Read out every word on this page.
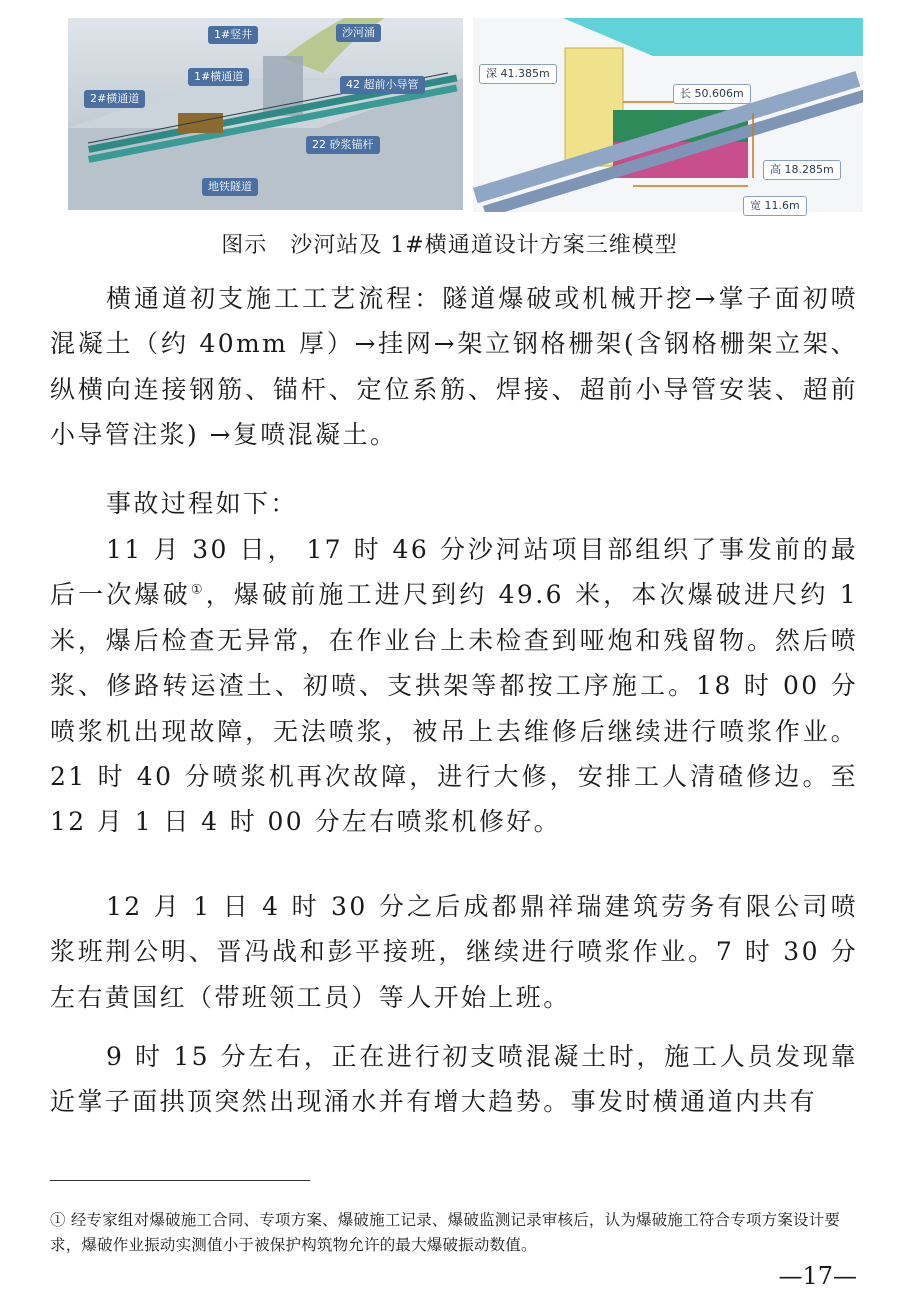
1#竖井	沙河涌
1#横通道
42 超前小导管
2#横通道
22 砂浆锚杆
地铁隧道
深 41.385m
长 50.606m
高 18.285m
宽 11.6m
图示　沙河站及 1#横通道设计方案三维模型

横通道初支施工工艺流程：隧道爆破或机械开挖→掌子面初喷混凝土（约 40mm 厚）→挂网→架立钢格栅架(含钢格栅架立架、纵横向连接钢筋、锚杆、定位系筋、焊接、超前小导管安装、超前小导管注浆) →复喷混凝土。

事故过程如下：

11 月 30 日， 17 时 46 分沙河站项目部组织了事发前的最后一次爆破①，爆破前施工进尺到约 49.6 米，本次爆破进尺约 1 米，爆后检查无异常，在作业台上未检查到哑炮和残留物。然后喷浆、修路转运渣土、初喷、支拱架等都按工序施工。18 时 00 分喷浆机出现故障，无法喷浆，被吊上去维修后继续进行喷浆作业。21 时 40 分喷浆机再次故障，进行大修，安排工人清碴修边。至 12 月 1 日 4 时 00 分左右喷浆机修好。

12 月 1 日 4 时 30 分之后成都鼎祥瑞建筑劳务有限公司喷浆班荆公明、晋冯战和彭平接班，继续进行喷浆作业。7 时 30 分左右黄国红（带班领工员）等人开始上班。

9 时 15 分左右，正在进行初支喷混凝土时，施工人员发现靠近掌子面拱顶突然出现涌水并有增大趋势。事发时横通道内共有

① 经专家组对爆破施工合同、专项方案、爆破施工记录、爆破监测记录审核后，认为爆破施工符合专项方案设计要求，爆破作业振动实测值小于被保护构筑物允许的最大爆破振动数值。

—17—
